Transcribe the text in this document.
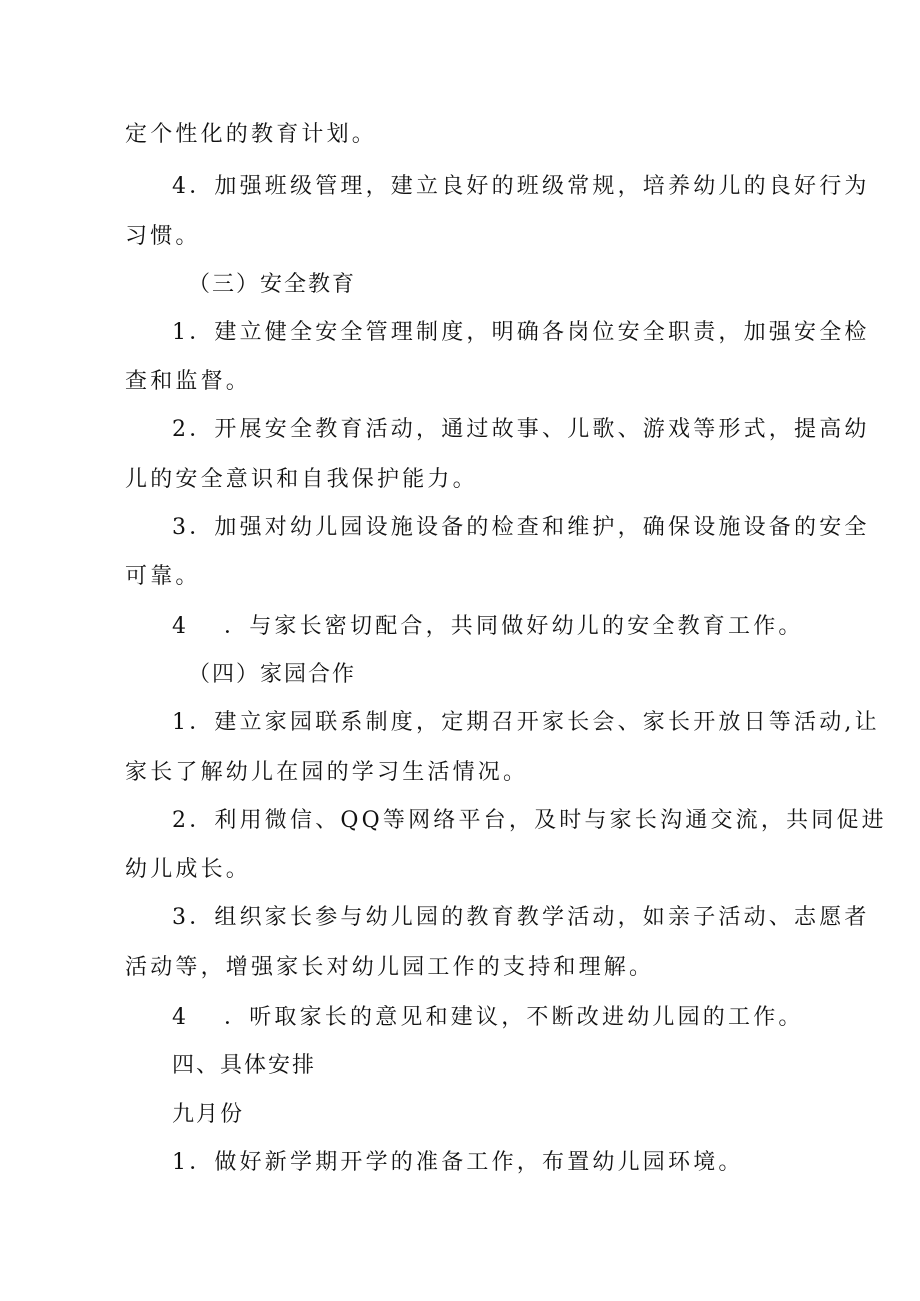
定个性化的教育计划。
4．加强班级管理，建立良好的班级常规，培养幼儿的良好行为
习惯。
（三）安全教育
1．建立健全安全管理制度，明确各岗位安全职责，加强安全检
查和监督。
2．开展安全教育活动，通过故事、儿歌、游戏等形式，提高幼
儿的安全意识和自我保护能力。
3．加强对幼儿园设施设备的检查和维护，确保设施设备的安全
可靠。
4 ．与家长密切配合，共同做好幼儿的安全教育工作。
（四）家园合作
1．建立家园联系制度，定期召开家长会、家长开放日等活动,让
家长了解幼儿在园的学习生活情况。
2．利用微信、QQ等网络平台，及时与家长沟通交流，共同促进
幼儿成长。
3．组织家长参与幼儿园的教育教学活动，如亲子活动、志愿者
活动等，增强家长对幼儿园工作的支持和理解。
4 ．听取家长的意见和建议，不断改进幼儿园的工作。
四、具体安排
九月份
1．做好新学期开学的准备工作，布置幼儿园环境。
